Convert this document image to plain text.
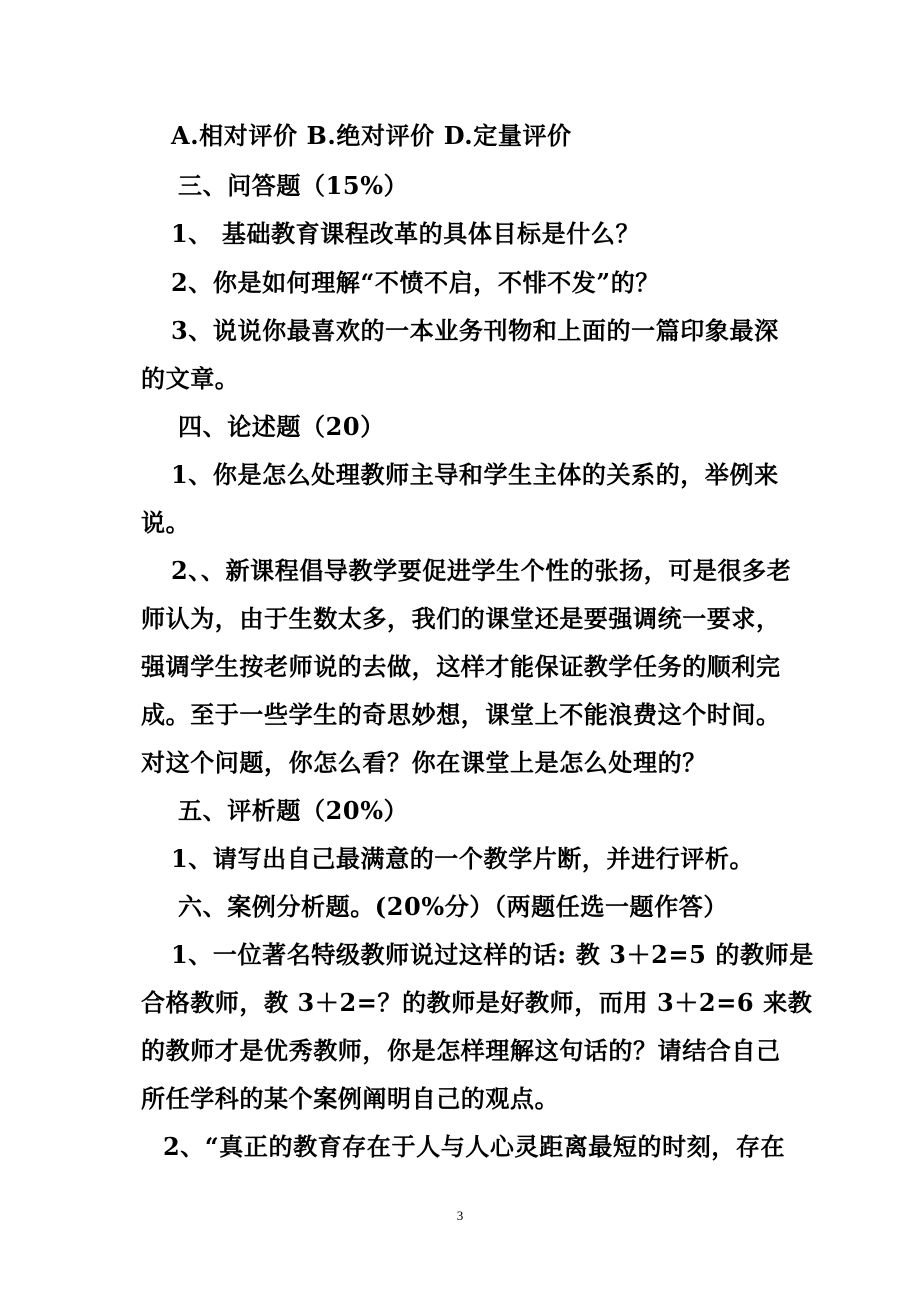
A.相对评价 B.绝对评价 D.定量评价
三、问答题（15%）
1、 基础教育课程改革的具体目标是什么？
2、你是如何理解“不愤不启，不悱不发”的？
3、说说你最喜欢的一本业务刊物和上面的一篇印象最深
的文章。
四、论述题（20）
1、你是怎么处理教师主导和学生主体的关系的，举例来
说。
2、、新课程倡导教学要促进学生个性的张扬，可是很多老
师认为，由于生数太多，我们的课堂还是要强调统一要求，
强调学生按老师说的去做，这样才能保证教学任务的顺利完
成。至于一些学生的奇思妙想，课堂上不能浪费这个时间。
对这个问题，你怎么看？你在课堂上是怎么处理的？
五、评析题（20%）
1、请写出自己最满意的一个教学片断，并进行评析。
六、案例分析题。(20%分）（两题任选一题作答）
1、一位著名特级教师说过这样的话: 教 3＋2=5 的教师是
合格教师，教 3＋2=？的教师是好教师，而用 3＋2=6 来教
的教师才是优秀教师，你是怎样理解这句话的？请结合自己
所任学科的某个案例阐明自己的观点。
2、“真正的教育存在于人与人心灵距离最短的时刻，存在
3
